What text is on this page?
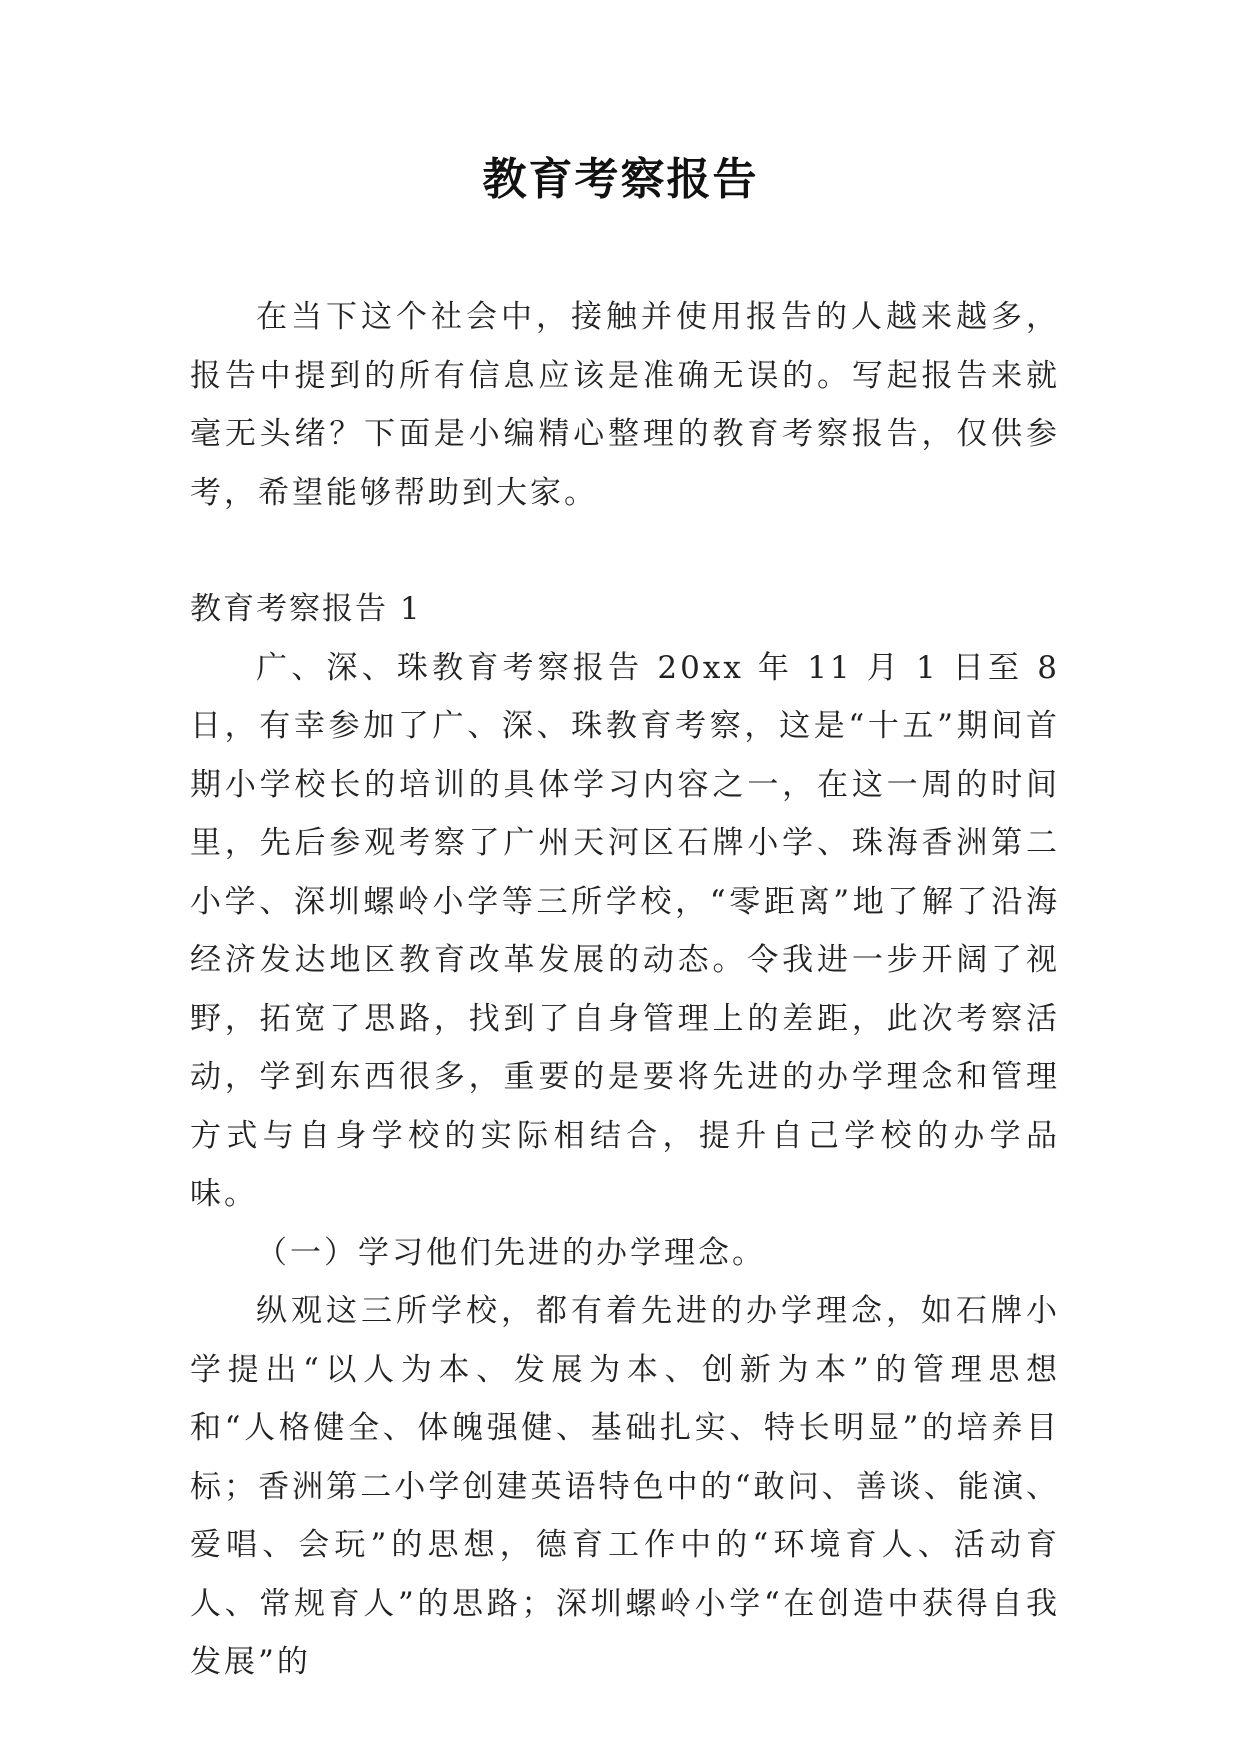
教育考察报告

在当下这个社会中，接触并使用报告的人越来越多，报告中提到的所有信息应该是准确无误的。写起报告来就毫无头绪？下面是小编精心整理的教育考察报告，仅供参考，希望能够帮助到大家。

教育考察报告 1

广、深、珠教育考察报告 20xx 年 11 月 1 日至 8 日，有幸参加了广、深、珠教育考察，这是“十五”期间首期小学校长的培训的具体学习内容之一，在这一周的时间里，先后参观考察了广州天河区石牌小学、珠海香洲第二小学、深圳螺岭小学等三所学校，“零距离”地了解了沿海经济发达地区教育改革发展的动态。令我进一步开阔了视野，拓宽了思路，找到了自身管理上的差距，此次考察活动，学到东西很多，重要的是要将先进的办学理念和管理方式与自身学校的实际相结合，提升自己学校的办学品味。

（一）学习他们先进的办学理念。

纵观这三所学校，都有着先进的办学理念，如石牌小学提出“以人为本、发展为本、创新为本”的管理思想和“人格健全、体魄强健、基础扎实、特长明显”的培养目标；香洲第二小学创建英语特色中的“敢问、善谈、能演、爱唱、会玩”的思想，德育工作中的“环境育人、活动育人、常规育人”的思路；深圳螺岭小学“在创造中获得自我发展”的
